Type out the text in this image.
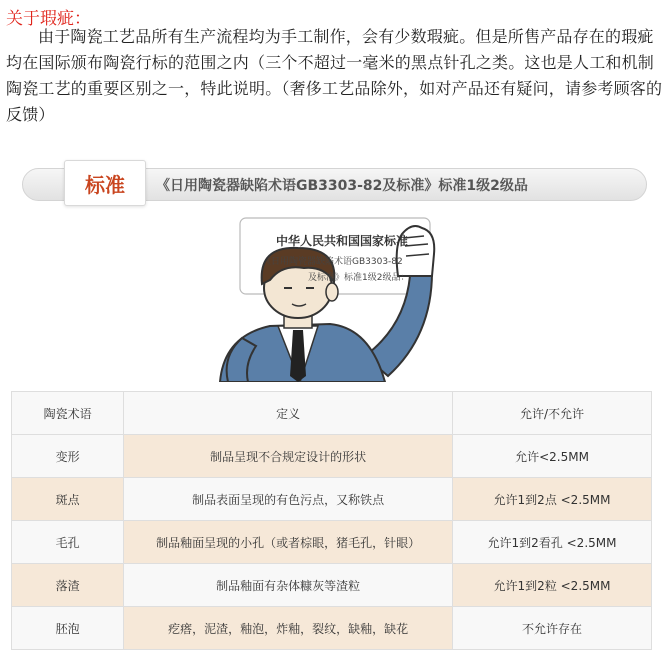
关于瑕疵：
由于陶瓷工艺品所有生产流程均为手工制作，会有少数瑕疵。但是所售产品存在的瑕疵均在国际颁布陶瓷行标的范围之内（三个不超过一毫米的黑点针孔之类。这也是人工和机制陶瓷工艺的重要区别之一，特此说明。（奢侈工艺品除外，如对产品还有疑问，请参考顾客的反馈）
标准 《日用陶瓷器缺陷术语GB3303-82及标准》标准1级2级品
中华人民共和国国家标准
《日用陶瓷器缺陷术语GB3303-82
及标准》标准1级2级品：
陶瓷术语	定义	允许/不允许
变形	制品呈现不合规定设计的形状	允许<2.5MM
斑点	制品表面呈现的有色污点，又称铁点	允许1到2点 <2.5MM
毛孔	制品釉面呈现的小孔（或者棕眼，猪毛孔，针眼）	允许1到2看孔 <2.5MM
落渣	制品釉面有杂体糠灰等渣粒	允许1到2粒 <2.5MM
胚泡	疙瘩，泥渣，釉泡，炸釉，裂纹，缺釉，缺花	不允许存在
